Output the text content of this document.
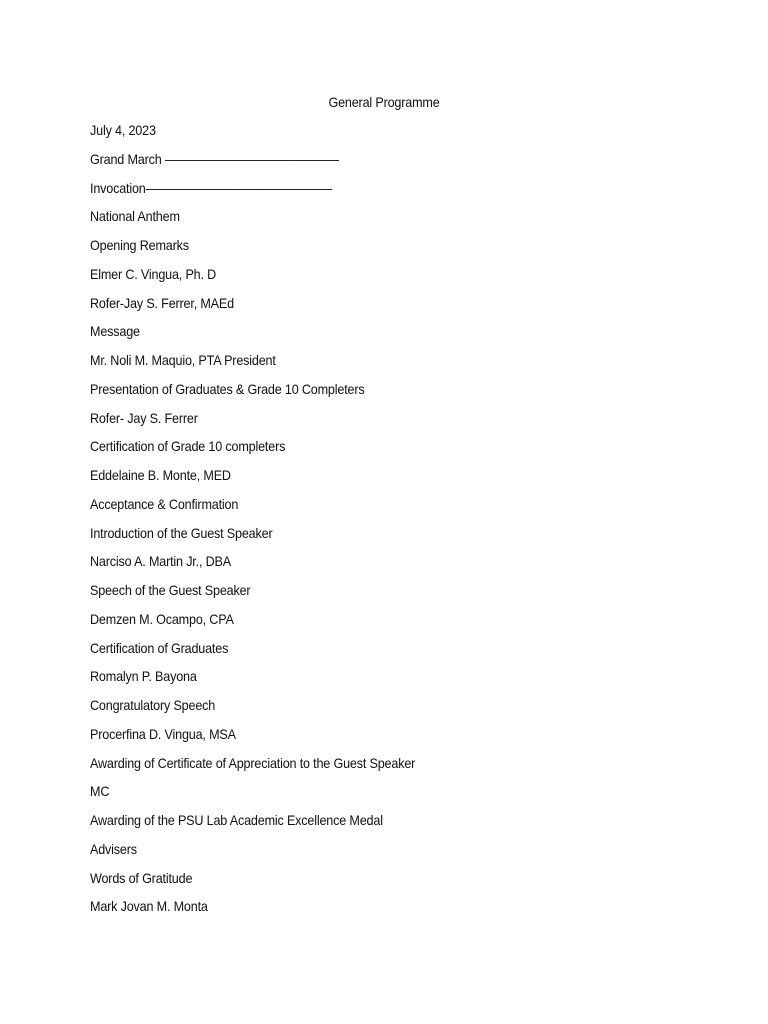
General Programme
July 4, 2023
Grand March ——————————————
Invocation———————————————
National Anthem
Opening Remarks
Elmer C. Vingua, Ph. D
Rofer-Jay S. Ferrer, MAEd
Message
Mr. Noli M. Maquio, PTA President
Presentation of Graduates & Grade 10 Completers
Rofer- Jay S. Ferrer
Certification of Grade 10 completers
Eddelaine B. Monte, MED
Acceptance & Confirmation
Introduction of the Guest Speaker
Narciso A. Martin Jr., DBA
Speech of the Guest Speaker
Demzen M. Ocampo, CPA
Certification of Graduates
Romalyn P. Bayona
Congratulatory Speech
Procerfina D. Vingua, MSA
Awarding of Certificate of Appreciation to the Guest Speaker
MC
Awarding of the PSU Lab Academic Excellence Medal
Advisers
Words of Gratitude
Mark Jovan M. Monta
